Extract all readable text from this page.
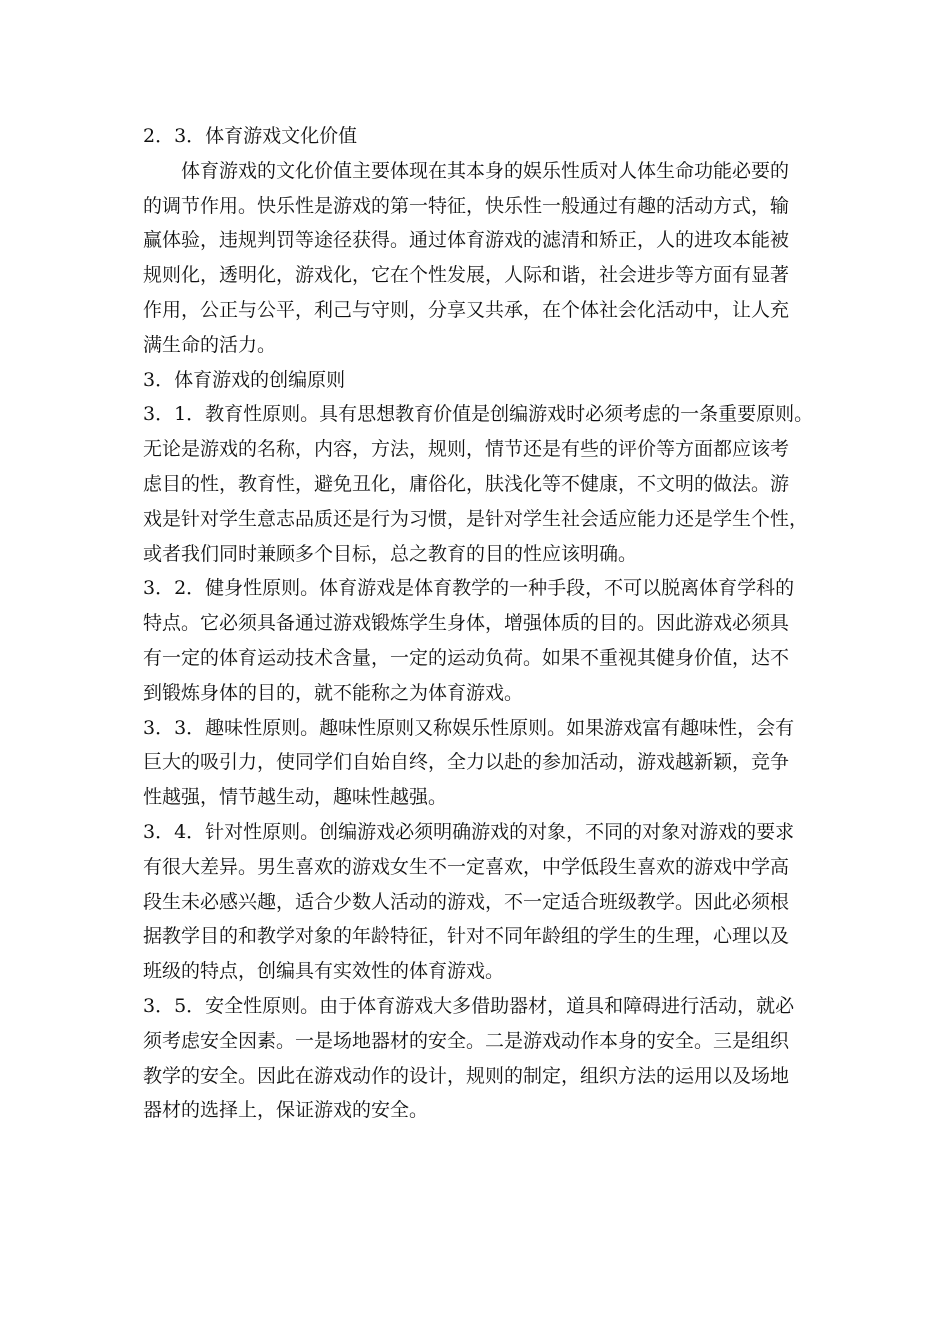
2．3．体育游戏文化价值
体育游戏的文化价值主要体现在其本身的娱乐性质对人体生命功能必要的
的调节作用。快乐性是游戏的第一特征，快乐性一般通过有趣的活动方式，输
赢体验，违规判罚等途径获得。通过体育游戏的滤清和矫正，人的进攻本能被
规则化，透明化，游戏化，它在个性发展，人际和谐，社会进步等方面有显著
作用，公正与公平，利己与守则，分享又共承，在个体社会化活动中，让人充
满生命的活力。
3．体育游戏的创编原则
3．1．教育性原则。具有思想教育价值是创编游戏时必须考虑的一条重要原则。
无论是游戏的名称，内容，方法，规则，情节还是有些的评价等方面都应该考
虑目的性，教育性，避免丑化，庸俗化，肤浅化等不健康，不文明的做法。游
戏是针对学生意志品质还是行为习惯，是针对学生社会适应能力还是学生个性，
或者我们同时兼顾多个目标，总之教育的目的性应该明确。
3．2．健身性原则。体育游戏是体育教学的一种手段，不可以脱离体育学科的
特点。它必须具备通过游戏锻炼学生身体，增强体质的目的。因此游戏必须具
有一定的体育运动技术含量，一定的运动负荷。如果不重视其健身价值，达不
到锻炼身体的目的，就不能称之为体育游戏。
3．3．趣味性原则。趣味性原则又称娱乐性原则。如果游戏富有趣味性，会有
巨大的吸引力，使同学们自始自终，全力以赴的参加活动，游戏越新颖，竞争
性越强，情节越生动，趣味性越强。
3．4．针对性原则。创编游戏必须明确游戏的对象，不同的对象对游戏的要求
有很大差异。男生喜欢的游戏女生不一定喜欢，中学低段生喜欢的游戏中学高
段生未必感兴趣，适合少数人活动的游戏，不一定适合班级教学。因此必须根
据教学目的和教学对象的年龄特征，针对不同年龄组的学生的生理，心理以及
班级的特点，创编具有实效性的体育游戏。
3．5．安全性原则。由于体育游戏大多借助器材，道具和障碍进行活动，就必
须考虑安全因素。一是场地器材的安全。二是游戏动作本身的安全。三是组织
教学的安全。因此在游戏动作的设计，规则的制定，组织方法的运用以及场地
器材的选择上，保证游戏的安全。
